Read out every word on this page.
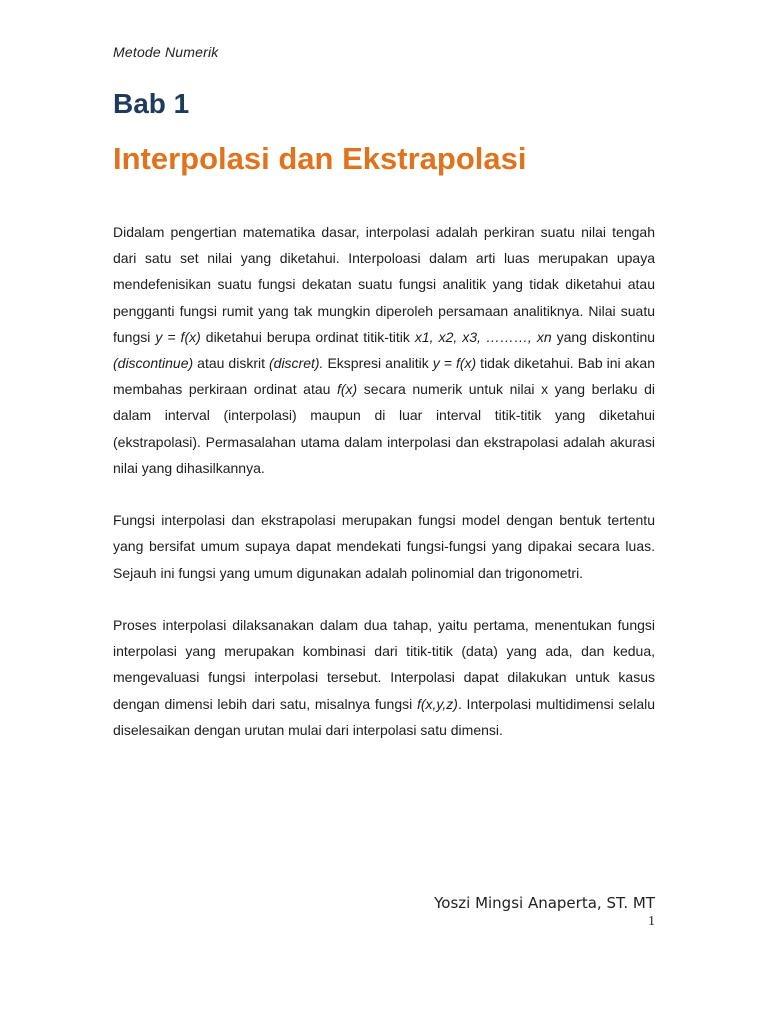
Metode Numerik
Bab 1
Interpolasi dan Ekstrapolasi

Didalam pengertian matematika dasar, interpolasi adalah perkiran suatu nilai tengah dari satu set nilai yang diketahui. Interpoloasi dalam arti luas merupakan upaya mendefenisikan suatu fungsi dekatan suatu fungsi analitik yang tidak diketahui atau pengganti fungsi rumit yang tak mungkin diperoleh persamaan analitiknya. Nilai suatu fungsi y = f(x) diketahui berupa ordinat titik-titik x1, x2, x3, ………, xn yang diskontinu (discontinue) atau diskrit (discret). Ekspresi analitik y = f(x) tidak diketahui. Bab ini akan membahas perkiraan ordinat atau f(x) secara numerik untuk nilai x yang berlaku di dalam interval (interpolasi) maupun di luar interval titik-titik yang diketahui (ekstrapolasi). Permasalahan utama dalam interpolasi dan ekstrapolasi adalah akurasi nilai yang dihasilkannya.

Fungsi interpolasi dan ekstrapolasi merupakan fungsi model dengan bentuk tertentu yang bersifat umum supaya dapat mendekati fungsi-fungsi yang dipakai secara luas. Sejauh ini fungsi yang umum digunakan adalah polinomial dan trigonometri.

Proses interpolasi dilaksanakan dalam dua tahap, yaitu pertama, menentukan fungsi interpolasi yang merupakan kombinasi dari titik-titik (data) yang ada, dan kedua, mengevaluasi fungsi interpolasi tersebut. Interpolasi dapat dilakukan untuk kasus dengan dimensi lebih dari satu, misalnya fungsi f(x,y,z). Interpolasi multidimensi selalu diselesaikan dengan urutan mulai dari interpolasi satu dimensi.

Yoszi Mingsi Anaperta, ST. MT
1
